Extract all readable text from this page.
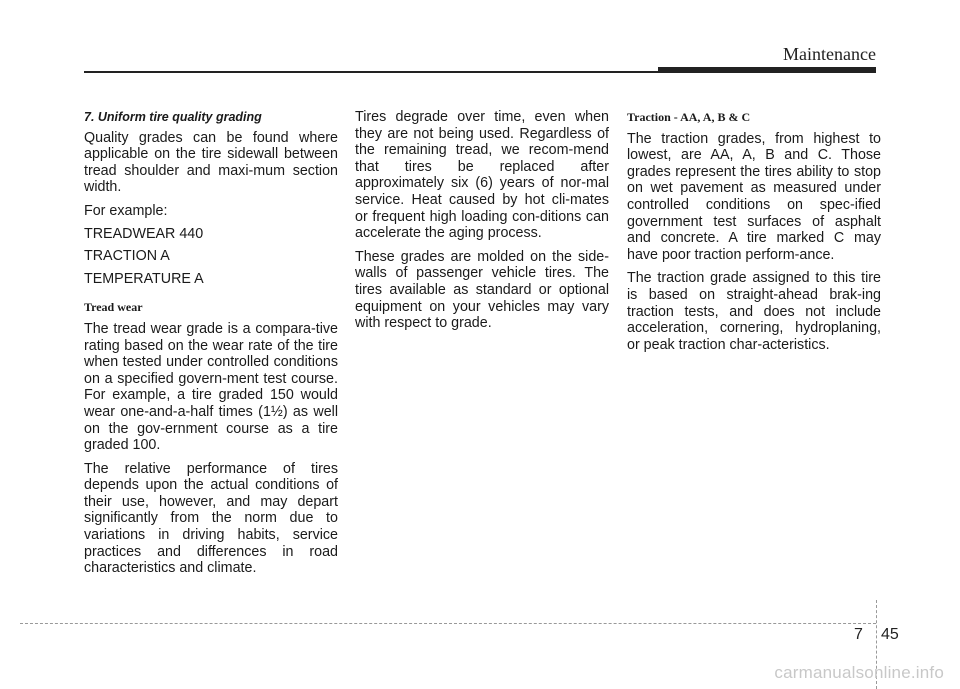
Maintenance
7. Uniform tire quality grading

Quality grades can be found where applicable on the tire sidewall between tread shoulder and maxi-mum section width.

For example:

TREADWEAR 440

TRACTION A

TEMPERATURE A

Tread wear

The tread wear grade is a compara-tive rating based on the wear rate of the tire when tested under controlled conditions on a specified govern-ment test course. For example, a tire graded 150 would wear one-and-a-half times (1½) as well on the gov-ernment course as a tire graded 100.

The relative performance of tires depends upon the actual conditions of their use, however, and may depart significantly from the norm due to variations in driving habits, service practices and differences in road characteristics and climate.

Tires degrade over time, even when they are not being used. Regardless of the remaining tread, we recom-mend that tires be replaced after approximately six (6) years of nor-mal service. Heat caused by hot cli-mates or frequent high loading con-ditions can accelerate the aging process.

These grades are molded on the side-walls of passenger vehicle tires. The tires available as standard or optional equipment on your vehicles may vary with respect to grade.

Traction - AA, A, B & C

The traction grades, from highest to lowest, are AA, A, B and C. Those grades represent the tires ability to stop on wet pavement as measured under controlled conditions on spec-ified government test surfaces of asphalt and concrete. A tire marked C may have poor traction perform-ance.

The traction grade assigned to this tire is based on straight-ahead brak-ing traction tests, and does not include acceleration, cornering, hydroplaning, or peak traction char-acteristics.

7 45
carmanualsonline.info
